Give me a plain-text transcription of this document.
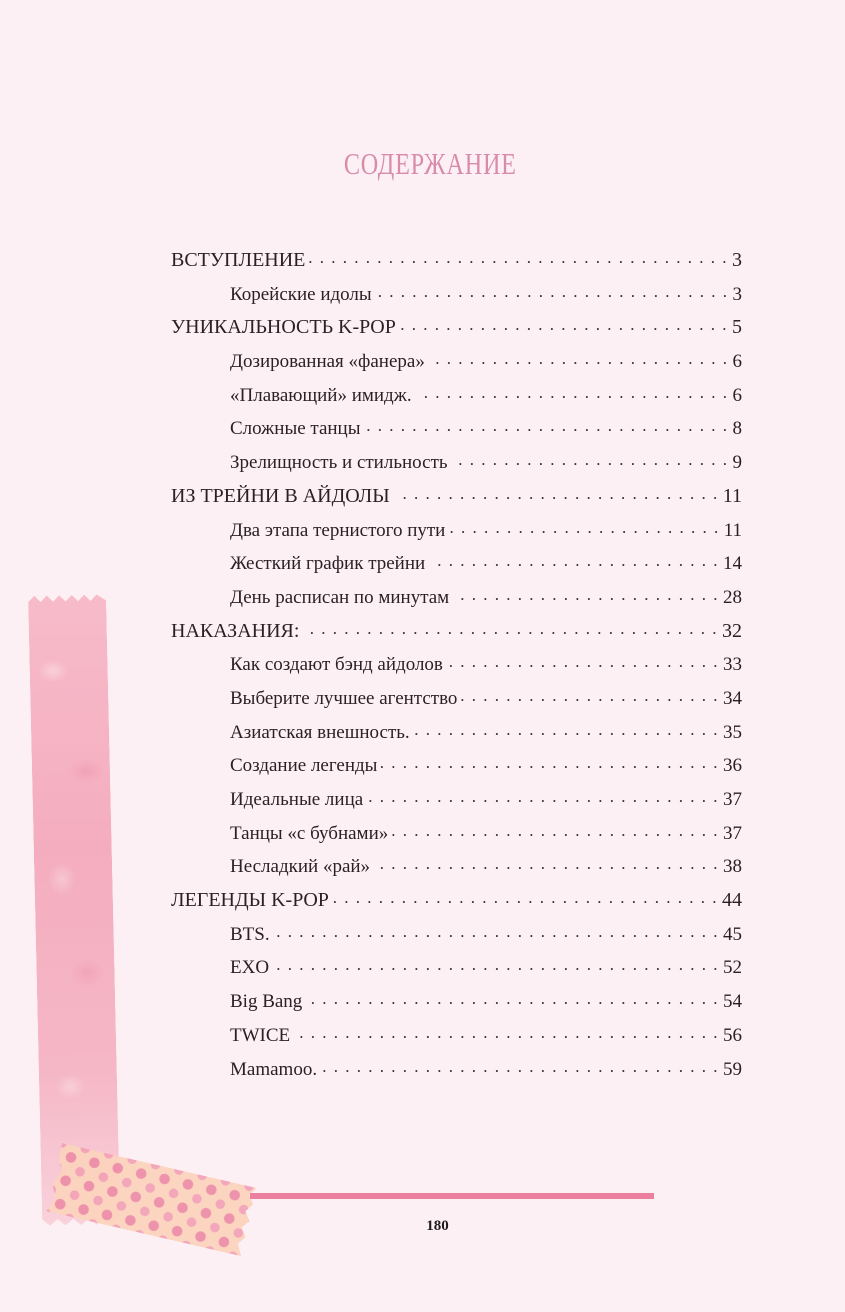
СОДЕРЖАНИЕ
ВСТУПЛЕНИЕ . . .	3
Корейские идолы . . .	3
УНИКАЛЬНОСТЬ K-POP . . .	5
Дозированная «фанера» . . .	6
«Плавающий» имидж. . . .	6
Сложные танцы . . .	8
Зрелищность и стильность . . .	9
ИЗ ТРЕЙНИ В АЙДОЛЫ . . .	11
Два этапа тернистого пути . . .	11
Жесткий график трейни . . .	14
День расписан по минутам . . .	28
НАКАЗАНИЯ: . . .	32
Как создают бэнд айдолов . . .	33
Выберите лучшее агентство . . .	34
Азиатская внешность. . . .	35
Создание легенды . . .	36
Идеальные лица . . .	37
Танцы «с бубнами» . . .	37
Несладкий «рай» . . .	38
ЛЕГЕНДЫ K-POP . . .	44
BTS. . . .	45
EXO . . .	52
Big Bang . . .	54
TWICE . . .	56
Mamamoo. . . .	59
180
